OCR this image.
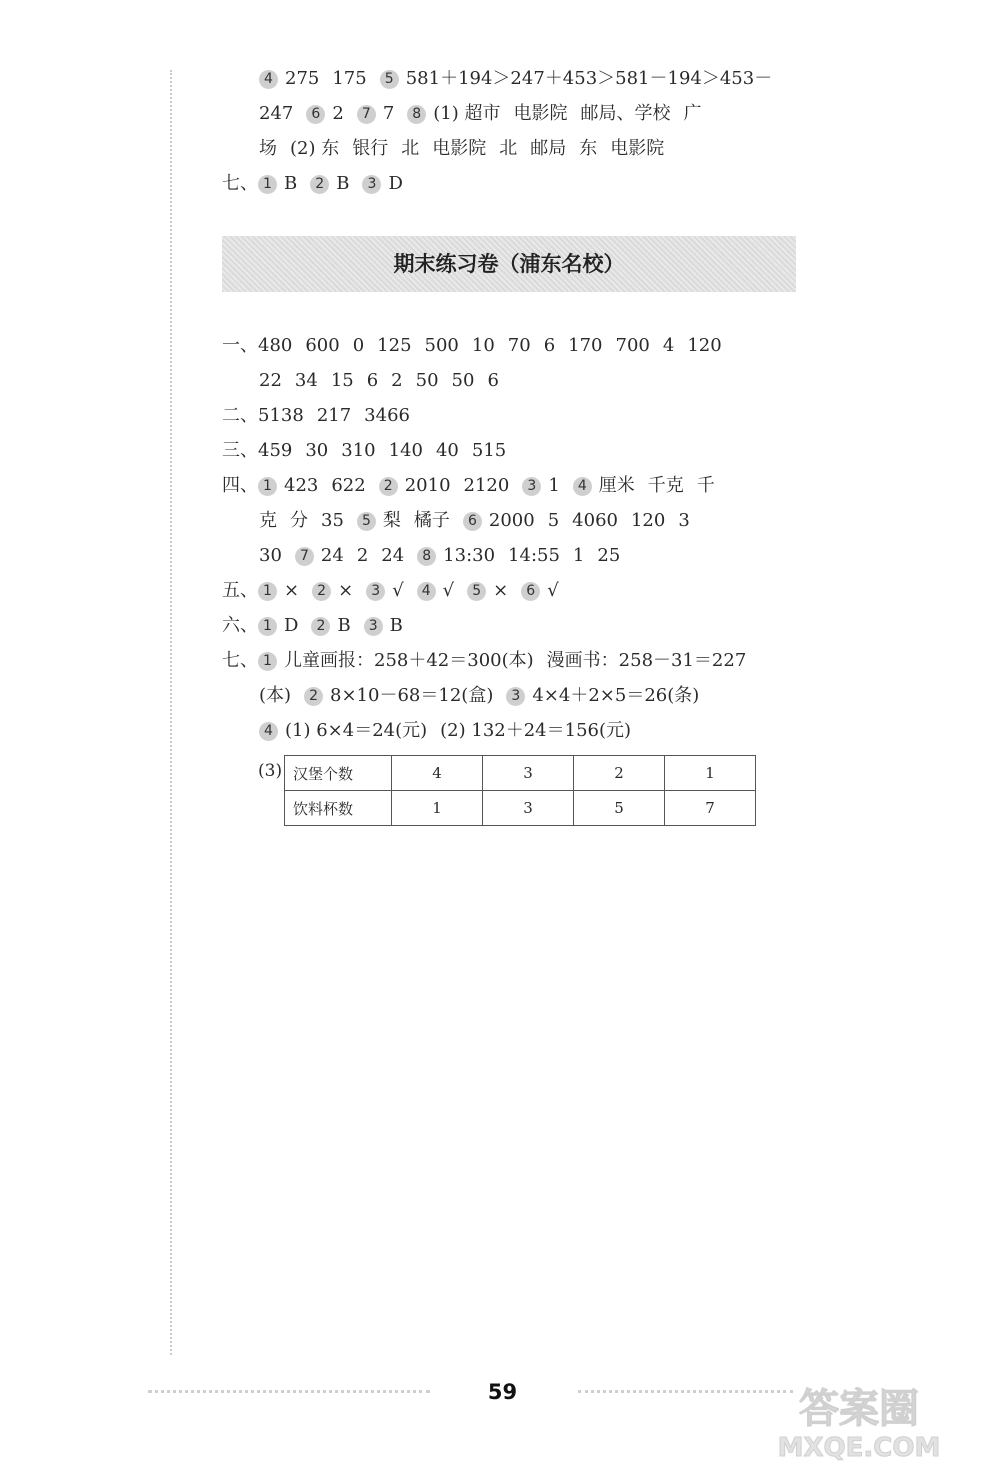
4 275 175 5 581＋194＞247＋453＞581－194＞453－
247 6 2 7 7 8 (1) 超市 电影院 邮局、学校 广
场 (2) 东 银行 北 电影院 北 邮局 东 电影院
七、 1 B 2 B 3 D
期末练习卷（浦东名校）
一、480 600 0 125 500 10 70 6 170 700 4 120
22 34 15 6 2 50 50 6
二、5138 217 3466
三、459 30 310 140 40 515
四、 1 423 622 2 2010 2120 3 1 4 厘米 千克 千
克 分 35 5 梨 橘子 6 2000 5 4060 120 3
30 7 24 2 24 8 13:30 14:55 1 25
五、 1 × 2 × 3 √ 4 √ 5 × 6 √
六、 1 D 2 B 3 B
七、 1 儿童画报：258＋42＝300(本) 漫画书：258－31＝227
(本) 2 8×10－68＝12(盒) 3 4×4＋2×5＝26(条)
4 (1) 6×4＝24(元) (2) 132＋24＝156(元)
(3) 汉堡个数	4	3	2	1
饮料杯数	1	3	5	7
59	答案圈
MXQE.COM
